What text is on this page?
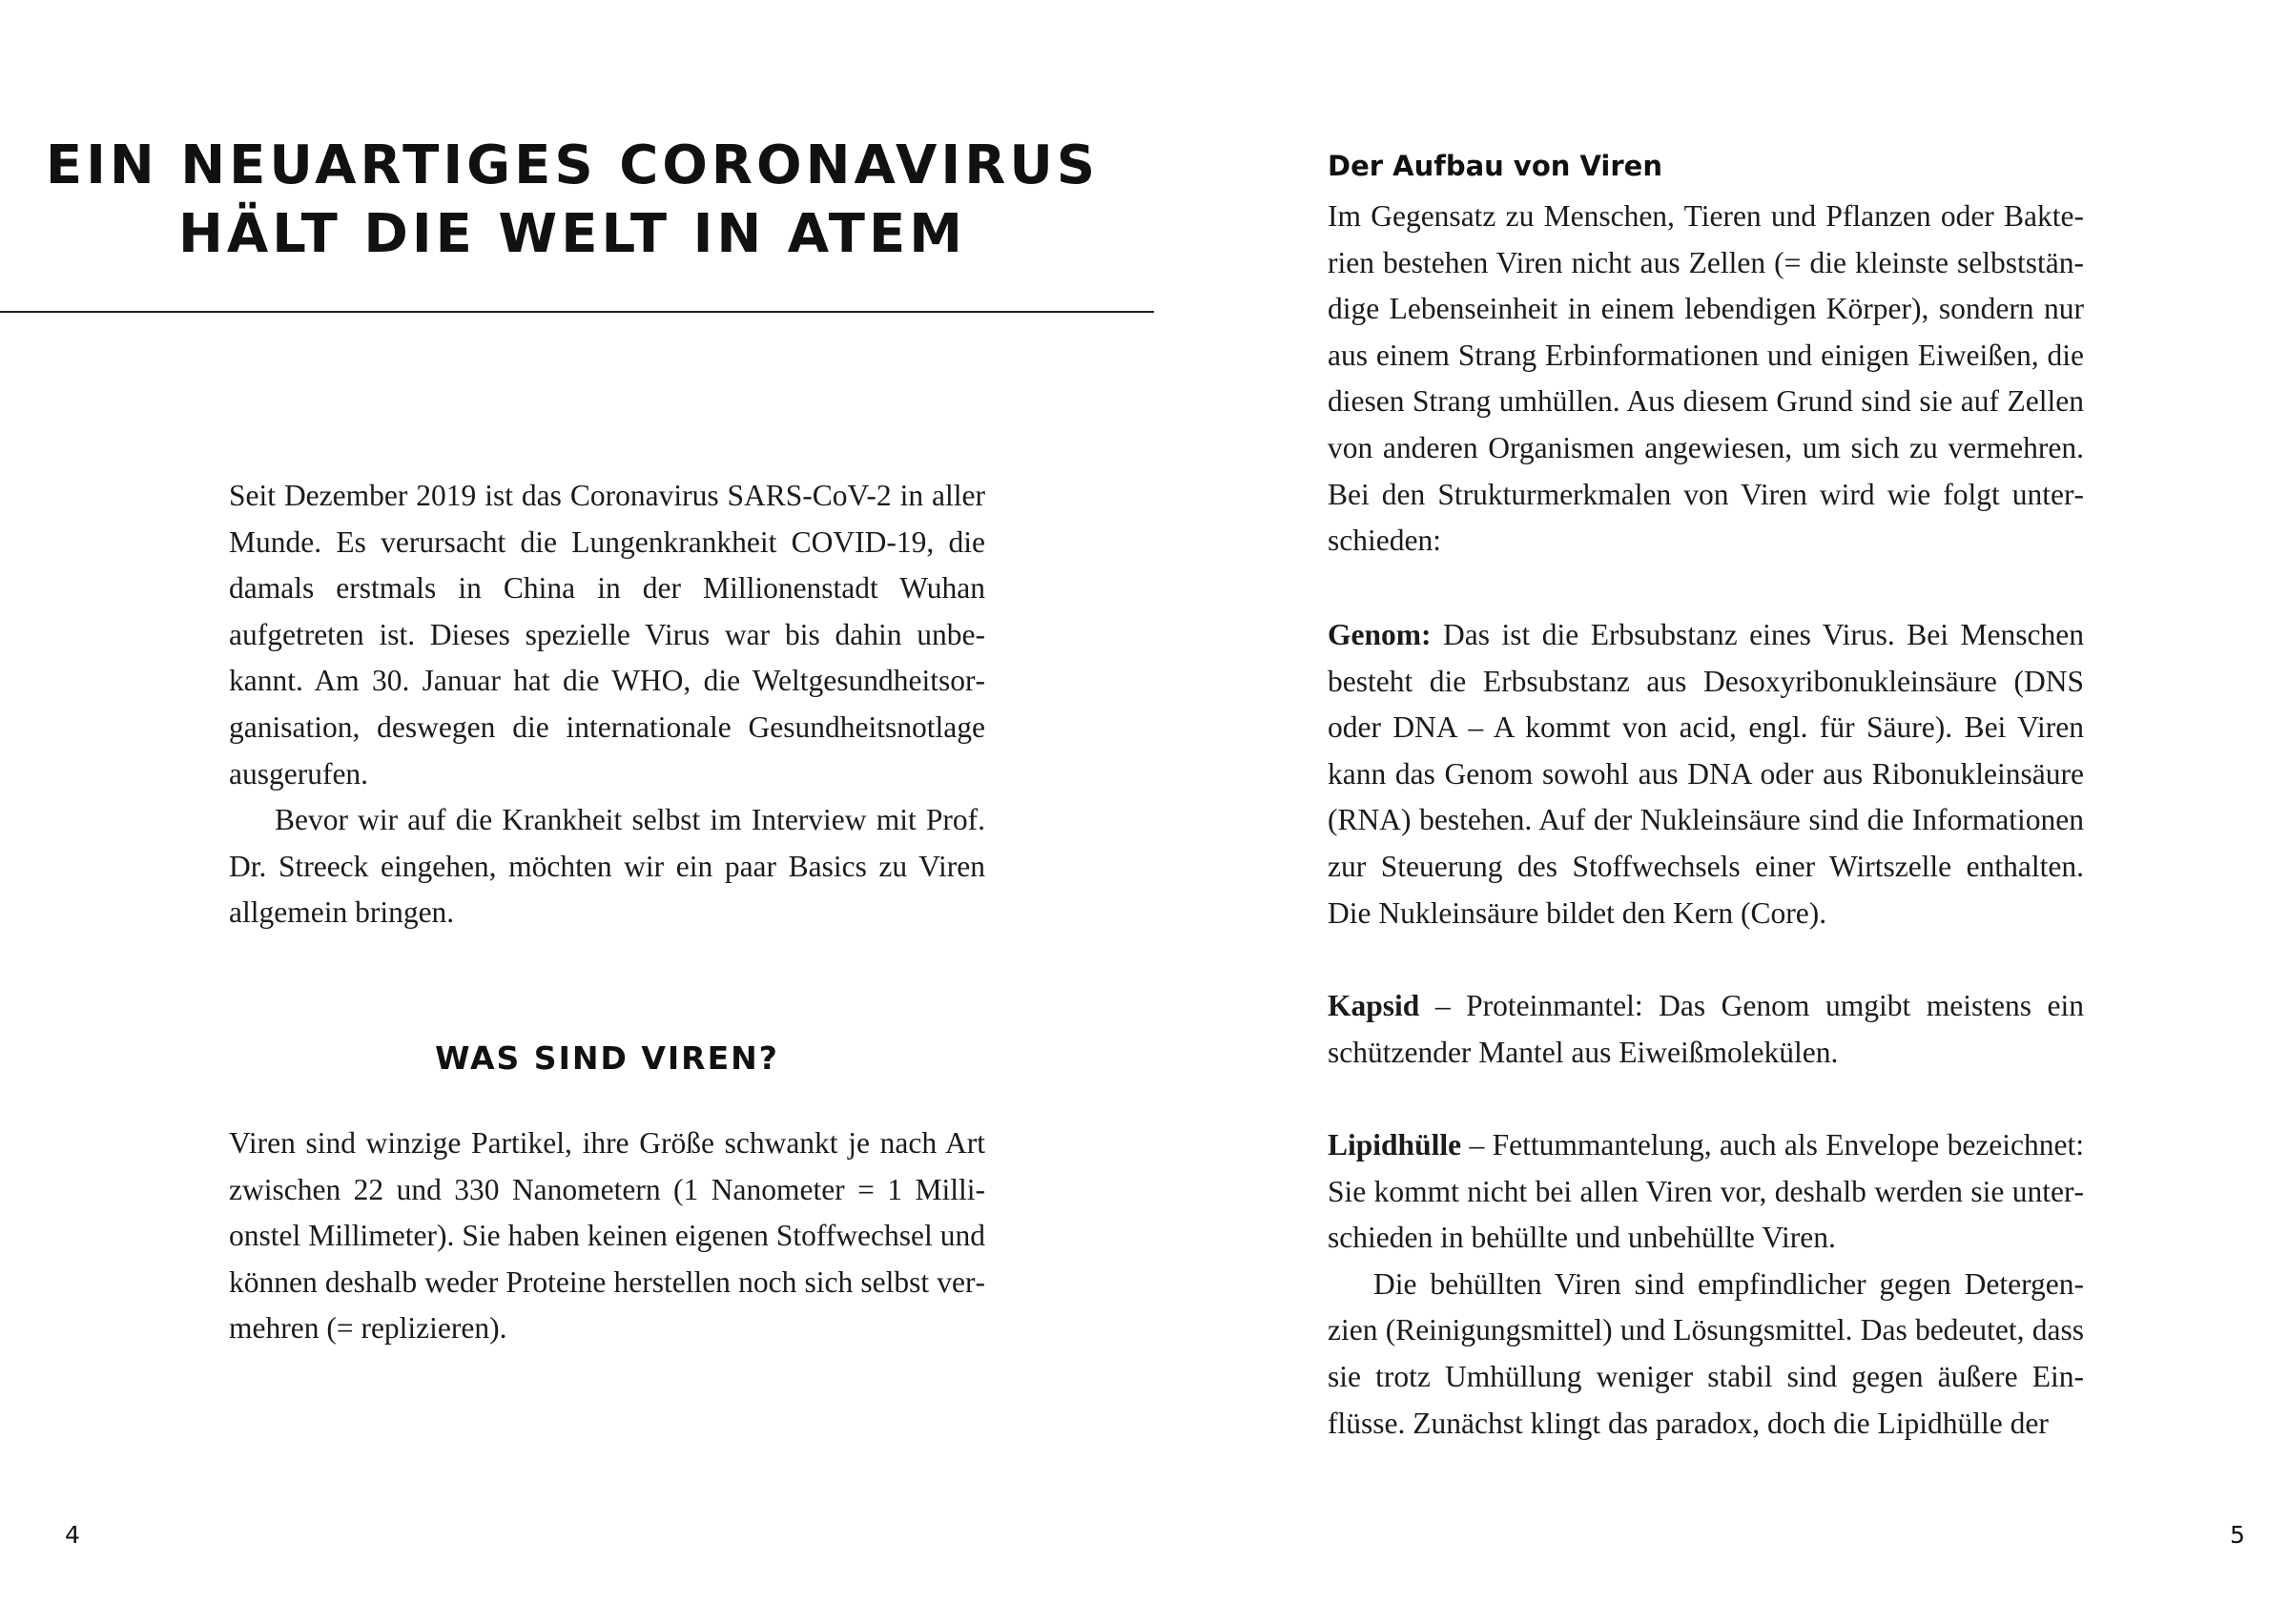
EIN NEUARTIGES CORONAVIRUS
HÄLT DIE WELT IN ATEM

Seit Dezember 2019 ist das Coronavirus SARS-CoV-2 in aller Munde. Es verursacht die Lungenkrankheit COVID-19, die damals erstmals in China in der Millionenstadt Wuhan aufgetreten ist. Dieses spezielle Virus war bis dahin unbekannt. Am 30. Januar hat die WHO, die Weltgesundheitsorganisation, deswegen die internationale Gesundheitsnotlage ausgerufen.

Bevor wir auf die Krankheit selbst im Interview mit Prof. Dr. Streeck eingehen, möchten wir ein paar Basics zu Viren allgemein bringen.

WAS SIND VIREN?

Viren sind winzige Partikel, ihre Größe schwankt je nach Art zwischen 22 und 330 Nanometern (1 Nanometer = 1 Millionstel Millimeter). Sie haben keinen eigenen Stoffwechsel und können deshalb weder Proteine herstellen noch sich selbst vermehren (= replizieren).

4
Der Aufbau von Viren

Im Gegensatz zu Menschen, Tieren und Pflanzen oder Bakterien bestehen Viren nicht aus Zellen (= die kleinste selbstständige Lebenseinheit in einem lebendigen Körper), sondern nur aus einem Strang Erbinformationen und einigen Eiweißen, die diesen Strang umhüllen. Aus diesem Grund sind sie auf Zellen von anderen Organismen angewiesen, um sich zu vermehren. Bei den Strukturmerkmalen von Viren wird wie folgt unterschieden:

Genom: Das ist die Erbsubstanz eines Virus. Bei Menschen besteht die Erbsubstanz aus Desoxyribonukleinsäure (DNS oder DNA – A kommt von acid, engl. für Säure). Bei Viren kann das Genom sowohl aus DNA oder aus Ribonukleinsäure (RNA) bestehen. Auf der Nukleinsäure sind die Informationen zur Steuerung des Stoffwechsels einer Wirtszelle enthalten. Die Nukleinsäure bildet den Kern (Core).

Kapsid – Proteinmantel: Das Genom umgibt meistens ein schützender Mantel aus Eiweißmolekülen.

Lipidhülle – Fettummantelung, auch als Envelope bezeichnet: Sie kommt nicht bei allen Viren vor, deshalb werden sie unterschieden in behüllte und unbehüllte Viren.

Die behüllten Viren sind empfindlicher gegen Detergenzien (Reinigungsmittel) und Lösungsmittel. Das bedeutet, dass sie trotz Umhüllung weniger stabil sind gegen äußere Einflüsse. Zunächst klingt das paradox, doch die Lipidhülle der

5
